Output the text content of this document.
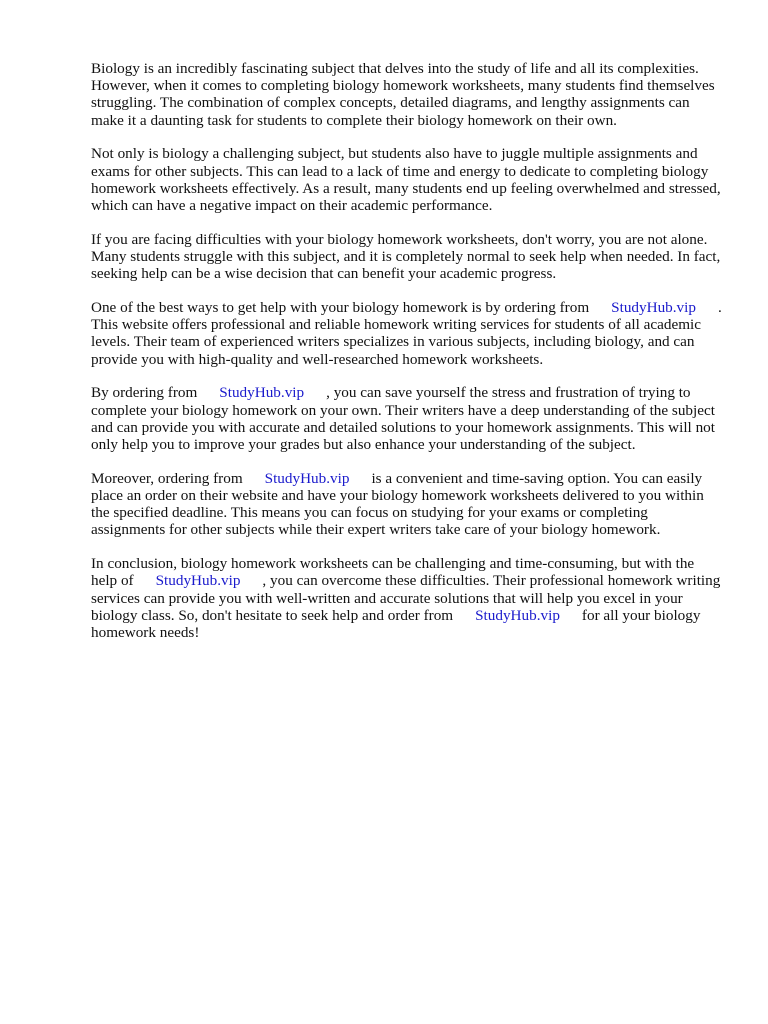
Biology is an incredibly fascinating subject that delves into the study of life and all its complexities. However, when it comes to completing biology homework worksheets, many students find themselves struggling. The combination of complex concepts, detailed diagrams, and lengthy assignments can make it a daunting task for students to complete their biology homework on their own.

Not only is biology a challenging subject, but students also have to juggle multiple assignments and exams for other subjects. This can lead to a lack of time and energy to dedicate to completing biology homework worksheets effectively. As a result, many students end up feeling overwhelmed and stressed, which can have a negative impact on their academic performance.

If you are facing difficulties with your biology homework worksheets, don't worry, you are not alone. Many students struggle with this subject, and it is completely normal to seek help when needed. In fact, seeking help can be a wise decision that can benefit your academic progress.

One of the best ways to get help with your biology homework is by ordering from StudyHub.vip . This website offers professional and reliable homework writing services for students of all academic levels. Their team of experienced writers specializes in various subjects, including biology, and can provide you with high-quality and well-researched homework worksheets.

By ordering from StudyHub.vip , you can save yourself the stress and frustration of trying to complete your biology homework on your own. Their writers have a deep understanding of the subject and can provide you with accurate and detailed solutions to your homework assignments. This will not only help you to improve your grades but also enhance your understanding of the subject.

Moreover, ordering from StudyHub.vip is a convenient and time-saving option. You can easily place an order on their website and have your biology homework worksheets delivered to you within the specified deadline. This means you can focus on studying for your exams or completing assignments for other subjects while their expert writers take care of your biology homework.

In conclusion, biology homework worksheets can be challenging and time-consuming, but with the help of StudyHub.vip , you can overcome these difficulties. Their professional homework writing services can provide you with well-written and accurate solutions that will help you excel in your biology class. So, don't hesitate to seek help and order from StudyHub.vip for all your biology homework needs!
